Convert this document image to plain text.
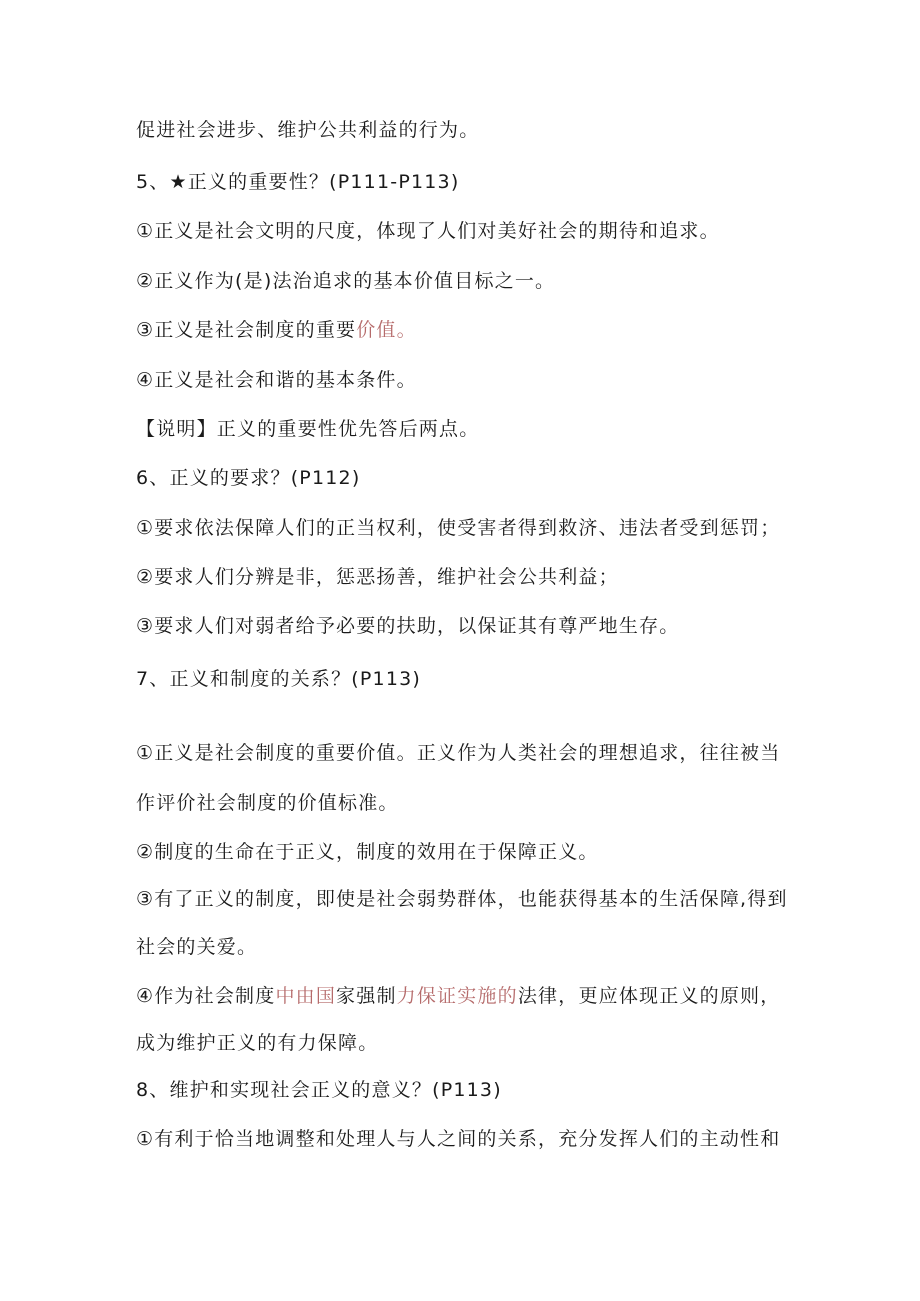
促进社会进步、维护公共利益的行为。

5、★正义的重要性？(P111-P113)

①正义是社会文明的尺度，体现了人们对美好社会的期待和追求。

②正义作为(是)法治追求的基本价值目标之一。

③正义是社会制度的重要价值。

④正义是社会和谐的基本条件。

【说明】正义的重要性优先答后两点。

6、正义的要求？(P112)

①要求依法保障人们的正当权利，使受害者得到救济、违法者受到惩罚；

②要求人们分辨是非，惩恶扬善，维护社会公共利益；

③要求人们对弱者给予必要的扶助，以保证其有尊严地生存。

7、正义和制度的关系？(P113)

①正义是社会制度的重要价值。正义作为人类社会的理想追求，往往被当

作评价社会制度的价值标准。

②制度的生命在于正义，制度的效用在于保障正义。

③有了正义的制度，即使是社会弱势群体，也能获得基本的生活保障,得到

社会的关爱。

④作为社会制度中由国家强制力保证实施的法律，更应体现正义的原则，

成为维护正义的有力保障。

8、维护和实现社会正义的意义？(P113)

①有利于恰当地调整和处理人与人之间的关系，充分发挥人们的主动性和
